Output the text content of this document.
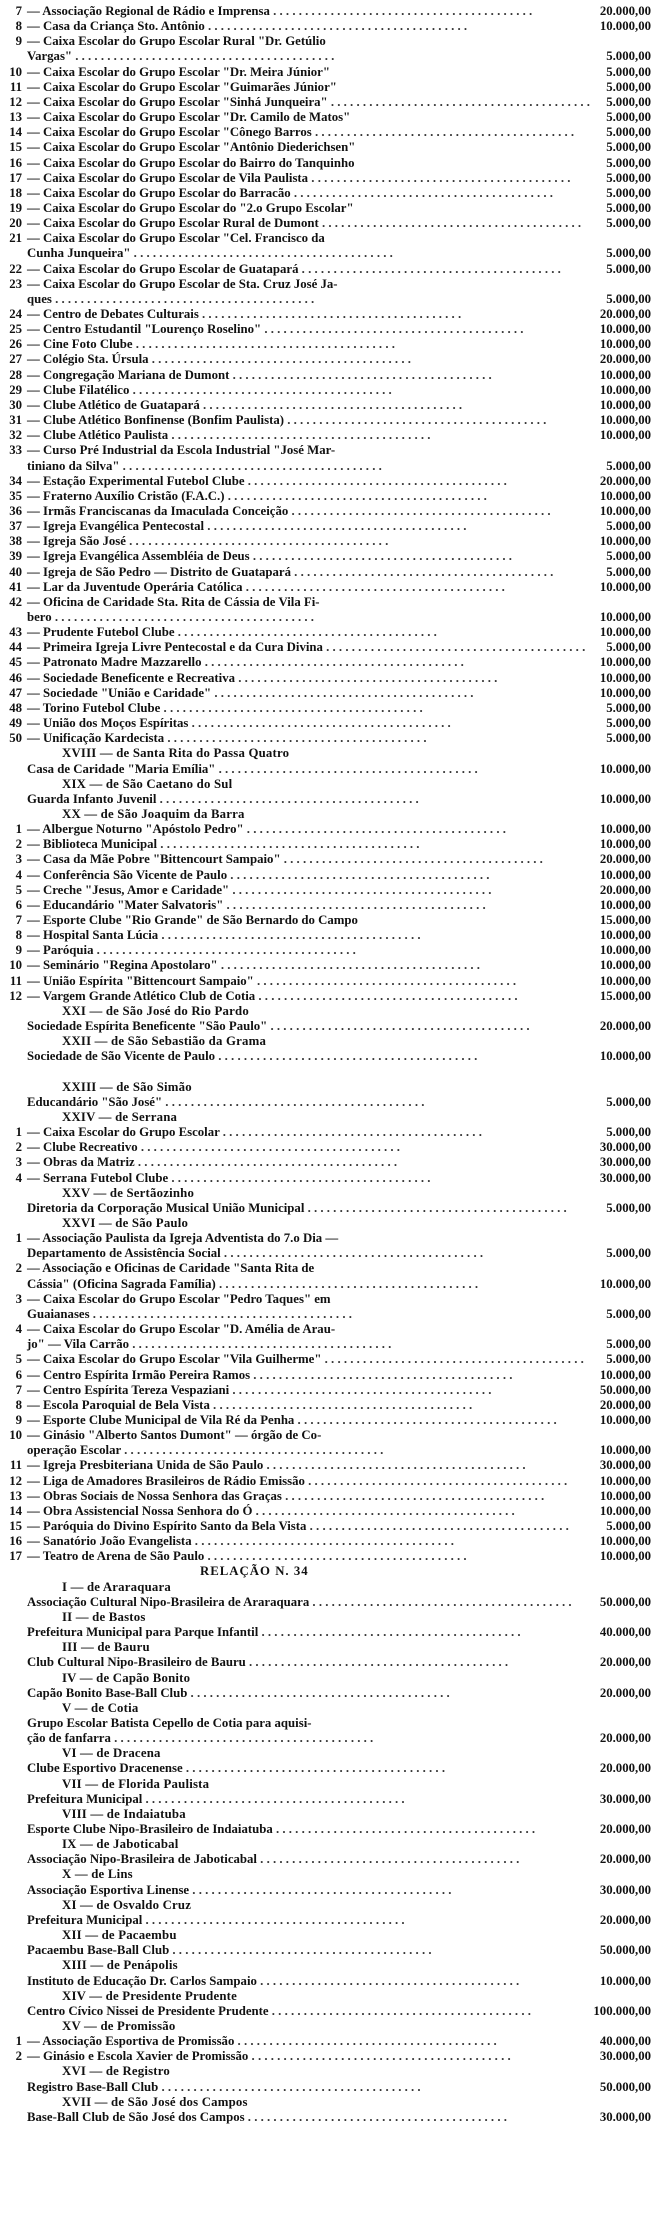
7 — Associação Regional de Rádio e Imprensa . . . . . . . . . . . . . . . . . . . . . . . . . . . . . . . . . . . . . . . . .	20.000,00
8 — Casa da Criança Sto. Antônio . . . . . . . . . . . . . . . . . . . . . . . . . . . . . . . . . . . . . . . . .	10.000,00
9 — Caixa Escolar do Grupo Escolar Rural "Dr. Getúlio
Vargas" . . . . . . . . . . . . . . . . . . . . . . . . . . . . . . . . . . . . . . . . .	5.000,00
10 — Caixa Escolar do Grupo Escolar "Dr. Meira Júnior"	5.000,00
11 — Caixa Escolar do Grupo Escolar "Guimarães Júnior"	5.000,00
12 — Caixa Escolar do Grupo Escolar "Sinhá Junqueira" . . . . . . . . . . . . . . . . . . . . . . . . . . . . . . . . . . . . . . . . .	5.000,00
13 — Caixa Escolar do Grupo Escolar "Dr. Camilo de Matos"	5.000,00
14 — Caixa Escolar do Grupo Escolar "Cônego Barros . . . . . . . . . . . . . . . . . . . . . . . . . . . . . . . . . . . . . . . . .	5.000,00
15 — Caixa Escolar do Grupo Escolar "Antônio Diederichsen"	5.000,00
16 — Caixa Escolar do Grupo Escolar do Bairro do Tanquinho	5.000,00
17 — Caixa Escolar do Grupo Escolar de Vila Paulista . . . . . . . . . . . . . . . . . . . . . . . . . . . . . . . . . . . . . . . . .	5.000,00
18 — Caixa Escolar do Grupo Escolar do Barracão . . . . . . . . . . . . . . . . . . . . . . . . . . . . . . . . . . . . . . . . .	5.000,00
19 — Caixa Escolar do Grupo Escolar do "2.o Grupo Escolar"	5.000,00
20 — Caixa Escolar do Grupo Escolar Rural de Dumont . . . . . . . . . . . . . . . . . . . . . . . . . . . . . . . . . . . . . . . . .	5.000,00
21 — Caixa Escolar do Grupo Escolar "Cel. Francisco da
Cunha Junqueira" . . . . . . . . . . . . . . . . . . . . . . . . . . . . . . . . . . . . . . . . .	5.000,00
22 — Caixa Escolar do Grupo Escolar de Guatapará . . . . . . . . . . . . . . . . . . . . . . . . . . . . . . . . . . . . . . . . .	5.000,00
23 — Caixa Escolar do Grupo Escolar de Sta. Cruz José Ja-
ques . . . . . . . . . . . . . . . . . . . . . . . . . . . . . . . . . . . . . . . . .	5.000,00
24 — Centro de Debates Culturais . . . . . . . . . . . . . . . . . . . . . . . . . . . . . . . . . . . . . . . . .	20.000,00
25 — Centro Estudantil "Lourenço Roselino" . . . . . . . . . . . . . . . . . . . . . . . . . . . . . . . . . . . . . . . . .	10.000,00
26 — Cine Foto Clube . . . . . . . . . . . . . . . . . . . . . . . . . . . . . . . . . . . . . . . . .	10.000,00
27 — Colégio Sta. Úrsula . . . . . . . . . . . . . . . . . . . . . . . . . . . . . . . . . . . . . . . . .	20.000,00
28 — Congregação Mariana de Dumont . . . . . . . . . . . . . . . . . . . . . . . . . . . . . . . . . . . . . . . . .	10.000,00
29 — Clube Filatélico . . . . . . . . . . . . . . . . . . . . . . . . . . . . . . . . . . . . . . . . .	10.000,00
30 — Clube Atlético de Guatapará . . . . . . . . . . . . . . . . . . . . . . . . . . . . . . . . . . . . . . . . .	10.000,00
31 — Clube Atlético Bonfinense (Bonfim Paulista) . . . . . . . . . . . . . . . . . . . . . . . . . . . . . . . . . . . . . . . . .	10.000,00
32 — Clube Atlético Paulista . . . . . . . . . . . . . . . . . . . . . . . . . . . . . . . . . . . . . . . . .	10.000,00
33 — Curso Pré Industrial da Escola Industrial "José Mar-
tiniano da Silva" . . . . . . . . . . . . . . . . . . . . . . . . . . . . . . . . . . . . . . . . .	5.000,00
34 — Estação Experimental Futebol Clube . . . . . . . . . . . . . . . . . . . . . . . . . . . . . . . . . . . . . . . . .	20.000,00
35 — Fraterno Auxílio Cristão (F.A.C.) . . . . . . . . . . . . . . . . . . . . . . . . . . . . . . . . . . . . . . . . .	10.000,00
36 — Irmãs Franciscanas da Imaculada Conceição . . . . . . . . . . . . . . . . . . . . . . . . . . . . . . . . . . . . . . . . .	10.000,00
37 — Igreja Evangélica Pentecostal . . . . . . . . . . . . . . . . . . . . . . . . . . . . . . . . . . . . . . . . .	5.000,00
38 — Igreja São José . . . . . . . . . . . . . . . . . . . . . . . . . . . . . . . . . . . . . . . . .	10.000,00
39 — Igreja Evangélica Assembléia de Deus . . . . . . . . . . . . . . . . . . . . . . . . . . . . . . . . . . . . . . . . .	5.000,00
40 — Igreja de São Pedro — Distrito de Guatapará . . . . . . . . . . . . . . . . . . . . . . . . . . . . . . . . . . . . . . . . .	5.000,00
41 — Lar da Juventude Operária Católica . . . . . . . . . . . . . . . . . . . . . . . . . . . . . . . . . . . . . . . . .	10.000,00
42 — Oficina de Caridade Sta. Rita de Cássia de Vila Fi-
bero . . . . . . . . . . . . . . . . . . . . . . . . . . . . . . . . . . . . . . . . .	10.000,00
43 — Prudente Futebol Clube . . . . . . . . . . . . . . . . . . . . . . . . . . . . . . . . . . . . . . . . .	10.000,00
44 — Primeira Igreja Livre Pentecostal e da Cura Divina . . . . . . . . . . . . . . . . . . . . . . . . . . . . . . . . . . . . . . . . .	5.000,00
45 — Patronato Madre Mazzarello . . . . . . . . . . . . . . . . . . . . . . . . . . . . . . . . . . . . . . . . .	10.000,00
46 — Sociedade Beneficente e Recreativa . . . . . . . . . . . . . . . . . . . . . . . . . . . . . . . . . . . . . . . . .	10.000,00
47 — Sociedade "União e Caridade" . . . . . . . . . . . . . . . . . . . . . . . . . . . . . . . . . . . . . . . . .	10.000,00
48 — Torino Futebol Clube . . . . . . . . . . . . . . . . . . . . . . . . . . . . . . . . . . . . . . . . .	5.000,00
49 — União dos Moços Espíritas . . . . . . . . . . . . . . . . . . . . . . . . . . . . . . . . . . . . . . . . .	5.000,00
50 — Unificação Kardecista . . . . . . . . . . . . . . . . . . . . . . . . . . . . . . . . . . . . . . . . .	5.000,00
XVIII — de Santa Rita do Passa Quatro
Casa de Caridade "Maria Emília" . . . . . . . . . . . . . . . . . . . . . . . . . . . . . . . . . . . . . . . . .	10.000,00
XIX — de São Caetano do Sul
Guarda Infanto Juvenil . . . . . . . . . . . . . . . . . . . . . . . . . . . . . . . . . . . . . . . . .	10.000,00
XX — de São Joaquim da Barra
1 — Albergue Noturno "Apóstolo Pedro" . . . . . . . . . . . . . . . . . . . . . . . . . . . . . . . . . . . . . . . . .	10.000,00
2 — Biblioteca Municipal . . . . . . . . . . . . . . . . . . . . . . . . . . . . . . . . . . . . . . . . .	10.000,00
3 — Casa da Mãe Pobre "Bittencourt Sampaio" . . . . . . . . . . . . . . . . . . . . . . . . . . . . . . . . . . . . . . . . .	20.000,00
4 — Conferência São Vicente de Paulo . . . . . . . . . . . . . . . . . . . . . . . . . . . . . . . . . . . . . . . . .	10.000,00
5 — Creche "Jesus, Amor e Caridade" . . . . . . . . . . . . . . . . . . . . . . . . . . . . . . . . . . . . . . . . .	20.000,00
6 — Educandário "Mater Salvatoris" . . . . . . . . . . . . . . . . . . . . . . . . . . . . . . . . . . . . . . . . .	10.000,00
7 — Esporte Clube "Rio Grande" de São Bernardo do Campo	15.000,00
8 — Hospital Santa Lúcia . . . . . . . . . . . . . . . . . . . . . . . . . . . . . . . . . . . . . . . . .	10.000,00
9 — Paróquia . . . . . . . . . . . . . . . . . . . . . . . . . . . . . . . . . . . . . . . . .	10.000,00
10 — Seminário "Regina Apostolaro" . . . . . . . . . . . . . . . . . . . . . . . . . . . . . . . . . . . . . . . . .	10.000,00
11 — União Espírita "Bittencourt Sampaio" . . . . . . . . . . . . . . . . . . . . . . . . . . . . . . . . . . . . . . . . .	10.000,00
12 — Vargem Grande Atlético Club de Cotia . . . . . . . . . . . . . . . . . . . . . . . . . . . . . . . . . . . . . . . . .	15.000,00
XXI — de São José do Rio Pardo
Sociedade Espírita Beneficente "São Paulo" . . . . . . . . . . . . . . . . . . . . . . . . . . . . . . . . . . . . . . . . .	20.000,00
XXII — de São Sebastião da Grama
Sociedade de São Vicente de Paulo . . . . . . . . . . . . . . . . . . . . . . . . . . . . . . . . . . . . . . . . .	10.000,00
XXIII — de São Simão
Educandário "São José" . . . . . . . . . . . . . . . . . . . . . . . . . . . . . . . . . . . . . . . . .	5.000,00
XXIV — de Serrana
1 — Caixa Escolar do Grupo Escolar . . . . . . . . . . . . . . . . . . . . . . . . . . . . . . . . . . . . . . . . .	5.000,00
2 — Clube Recreativo . . . . . . . . . . . . . . . . . . . . . . . . . . . . . . . . . . . . . . . . .	30.000,00
3 — Obras da Matriz . . . . . . . . . . . . . . . . . . . . . . . . . . . . . . . . . . . . . . . . .	30.000,00
4 — Serrana Futebol Clube . . . . . . . . . . . . . . . . . . . . . . . . . . . . . . . . . . . . . . . . .	30.000,00
XXV — de Sertãozinho
Diretoria da Corporação Musical União Municipal . . . . . . . . . . . . . . . . . . . . . . . . . . . . . . . . . . . . . . . . .	5.000,00
XXVI — de São Paulo
1 — Associação Paulista da Igreja Adventista do 7.o Dia —
Departamento de Assistência Social . . . . . . . . . . . . . . . . . . . . . . . . . . . . . . . . . . . . . . . . .	5.000,00
2 — Associação e Oficinas de Caridade "Santa Rita de
Cássia" (Oficina Sagrada Família) . . . . . . . . . . . . . . . . . . . . . . . . . . . . . . . . . . . . . . . . .	10.000,00
3 — Caixa Escolar do Grupo Escolar "Pedro Taques" em
Guaianases . . . . . . . . . . . . . . . . . . . . . . . . . . . . . . . . . . . . . . . . .	5.000,00
4 — Caixa Escolar do Grupo Escolar "D. Amélia de Arau-
jo" — Vila Carrão . . . . . . . . . . . . . . . . . . . . . . . . . . . . . . . . . . . . . . . . .	5.000,00
5 — Caixa Escolar do Grupo Escolar "Vila Guilherme" . . . . . . . . . . . . . . . . . . . . . . . . . . . . . . . . . . . . . . . . .	5.000,00
6 — Centro Espírita Irmão Pereira Ramos . . . . . . . . . . . . . . . . . . . . . . . . . . . . . . . . . . . . . . . . .	10.000,00
7 — Centro Espírita Tereza Vespaziani . . . . . . . . . . . . . . . . . . . . . . . . . . . . . . . . . . . . . . . . .	50.000,00
8 — Escola Paroquial de Bela Vista . . . . . . . . . . . . . . . . . . . . . . . . . . . . . . . . . . . . . . . . .	20.000,00
9 — Esporte Clube Municipal de Vila Ré da Penha . . . . . . . . . . . . . . . . . . . . . . . . . . . . . . . . . . . . . . . . .	10.000,00
10 — Ginásio "Alberto Santos Dumont" — órgão de Co-
operação Escolar . . . . . . . . . . . . . . . . . . . . . . . . . . . . . . . . . . . . . . . . .	10.000,00
11 — Igreja Presbiteriana Unida de São Paulo . . . . . . . . . . . . . . . . . . . . . . . . . . . . . . . . . . . . . . . . .	30.000,00
12 — Liga de Amadores Brasileiros de Rádio Emissão . . . . . . . . . . . . . . . . . . . . . . . . . . . . . . . . . . . . . . . . .	10.000,00
13 — Obras Sociais de Nossa Senhora das Graças . . . . . . . . . . . . . . . . . . . . . . . . . . . . . . . . . . . . . . . . .	10.000,00
14 — Obra Assistencial Nossa Senhora do Ó . . . . . . . . . . . . . . . . . . . . . . . . . . . . . . . . . . . . . . . . .	10.000,00
15 — Paróquia do Divino Espírito Santo da Bela Vista . . . . . . . . . . . . . . . . . . . . . . . . . . . . . . . . . . . . . . . . .	5.000,00
16 — Sanatório João Evangelista . . . . . . . . . . . . . . . . . . . . . . . . . . . . . . . . . . . . . . . . .	10.000,00
17 — Teatro de Arena de São Paulo . . . . . . . . . . . . . . . . . . . . . . . . . . . . . . . . . . . . . . . . .	10.000,00
RELAÇÃO N. 34
I — de Araraquara
Associação Cultural Nipo-Brasileira de Araraquara . . . . . . . . . . . . . . . . . . . . . . . . . . . . . . . . . . . . . . . . .	50.000,00
II — de Bastos
Prefeitura Municipal para Parque Infantil . . . . . . . . . . . . . . . . . . . . . . . . . . . . . . . . . . . . . . . . .	40.000,00
III — de Bauru
Club Cultural Nipo-Brasileiro de Bauru . . . . . . . . . . . . . . . . . . . . . . . . . . . . . . . . . . . . . . . . .	20.000,00
IV — de Capão Bonito
Capão Bonito Base-Ball Club . . . . . . . . . . . . . . . . . . . . . . . . . . . . . . . . . . . . . . . . .	20.000,00
V — de Cotia
Grupo Escolar Batista Cepello de Cotia para aquisi-
ção de fanfarra . . . . . . . . . . . . . . . . . . . . . . . . . . . . . . . . . . . . . . . . .	20.000,00
VI — de Dracena
Clube Esportivo Dracenense . . . . . . . . . . . . . . . . . . . . . . . . . . . . . . . . . . . . . . . . .	20.000,00
VII — de Florida Paulista
Prefeitura Municipal . . . . . . . . . . . . . . . . . . . . . . . . . . . . . . . . . . . . . . . . .	30.000,00
VIII — de Indaiatuba
Esporte Clube Nipo-Brasileiro de Indaiatuba . . . . . . . . . . . . . . . . . . . . . . . . . . . . . . . . . . . . . . . . .	20.000,00
IX — de Jaboticabal
Associação Nipo-Brasileira de Jaboticabal . . . . . . . . . . . . . . . . . . . . . . . . . . . . . . . . . . . . . . . . .	20.000,00
X — de Lins
Associação Esportiva Linense . . . . . . . . . . . . . . . . . . . . . . . . . . . . . . . . . . . . . . . . .	30.000,00
XI — de Osvaldo Cruz
Prefeitura Municipal . . . . . . . . . . . . . . . . . . . . . . . . . . . . . . . . . . . . . . . . .	20.000,00
XII — de Pacaembu
Pacaembu Base-Ball Club . . . . . . . . . . . . . . . . . . . . . . . . . . . . . . . . . . . . . . . . .	50.000,00
XIII — de Penápolis
Instituto de Educação Dr. Carlos Sampaio . . . . . . . . . . . . . . . . . . . . . . . . . . . . . . . . . . . . . . . . .	10.000,00
XIV — de Presidente Prudente
Centro Cívico Nissei de Presidente Prudente . . . . . . . . . . . . . . . . . . . . . . . . . . . . . . . . . . . . . . . . .	100.000,00
XV — de Promissão
1 — Associação Esportiva de Promissão . . . . . . . . . . . . . . . . . . . . . . . . . . . . . . . . . . . . . . . . .	40.000,00
2 — Ginásio e Escola Xavier de Promissão . . . . . . . . . . . . . . . . . . . . . . . . . . . . . . . . . . . . . . . . .	30.000,00
XVI — de Registro
Registro Base-Ball Club . . . . . . . . . . . . . . . . . . . . . . . . . . . . . . . . . . . . . . . . .	50.000,00
XVII — de São José dos Campos
Base-Ball Club de São José dos Campos . . . . . . . . . . . . . . . . . . . . . . . . . . . . . . . . . . . . . . . . .	30.000,00
